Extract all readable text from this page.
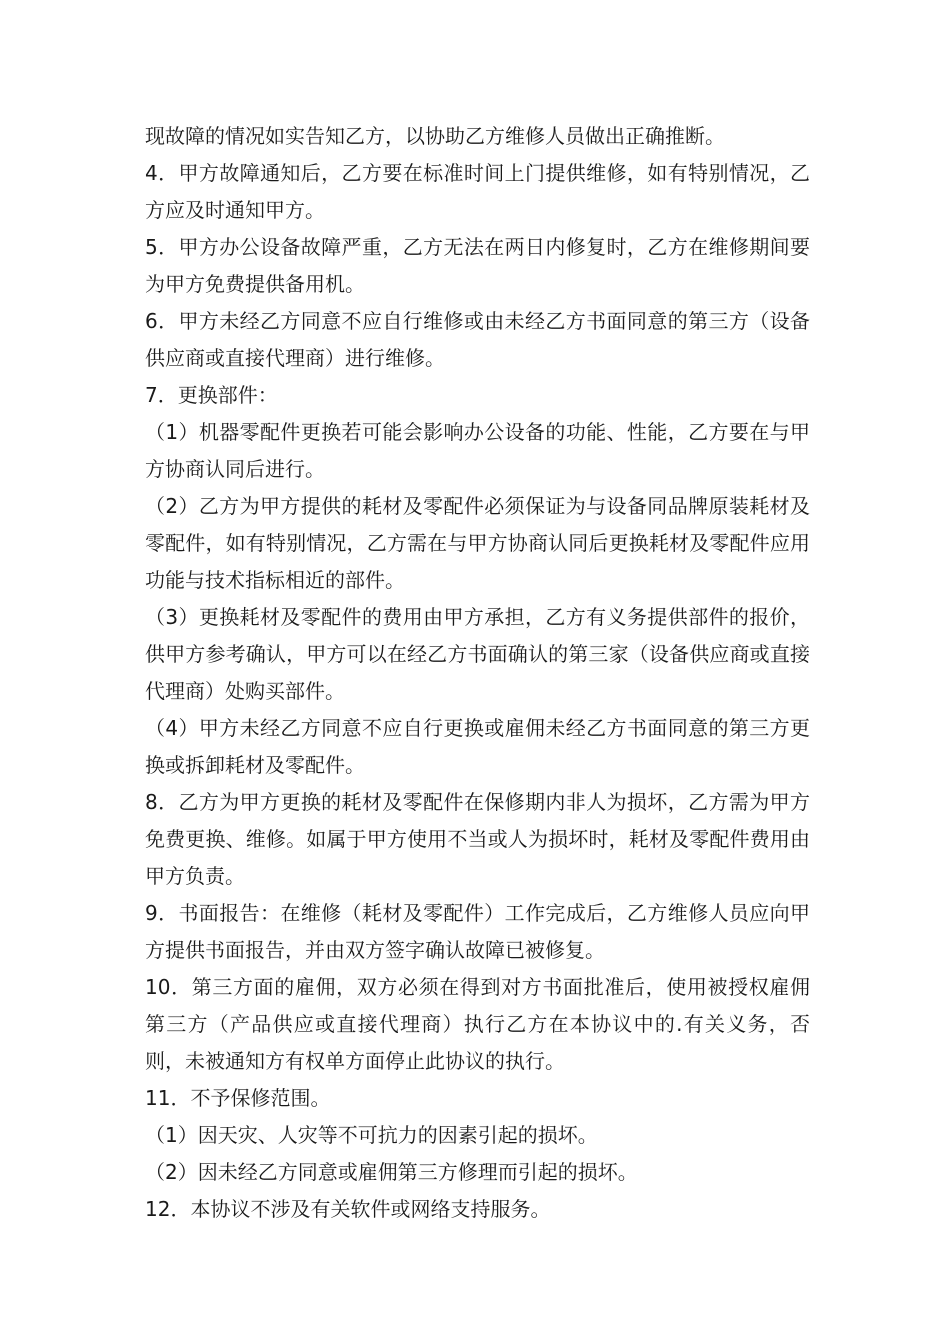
现故障的情况如实告知乙方，以协助乙方维修人员做出正确推断。

4．甲方故障通知后，乙方要在标准时间上门提供维修，如有特别情况，乙方应及时通知甲方。

5．甲方办公设备故障严重，乙方无法在两日内修复时，乙方在维修期间要为甲方免费提供备用机。

6．甲方未经乙方同意不应自行维修或由未经乙方书面同意的第三方（设备供应商或直接代理商）进行维修。

7．更换部件：

（1）机器零配件更换若可能会影响办公设备的功能、性能，乙方要在与甲方协商认同后进行。

（2）乙方为甲方提供的耗材及零配件必须保证为与设备同品牌原装耗材及零配件，如有特别情况，乙方需在与甲方协商认同后更换耗材及零配件应用功能与技术指标相近的部件。

（3）更换耗材及零配件的费用由甲方承担，乙方有义务提供部件的报价，供甲方参考确认，甲方可以在经乙方书面确认的第三家（设备供应商或直接代理商）处购买部件。

（4）甲方未经乙方同意不应自行更换或雇佣未经乙方书面同意的第三方更换或拆卸耗材及零配件。

8．乙方为甲方更换的耗材及零配件在保修期内非人为损坏，乙方需为甲方免费更换、维修。如属于甲方使用不当或人为损坏时，耗材及零配件费用由甲方负责。

9．书面报告：在维修（耗材及零配件）工作完成后，乙方维修人员应向甲方提供书面报告，并由双方签字确认故障已被修复。

10．第三方面的雇佣，双方必须在得到对方书面批准后，使用被授权雇佣第三方（产品供应或直接代理商）执行乙方在本协议中的.有关义务，否则，未被通知方有权单方面停止此协议的执行。

11．不予保修范围。

（1）因天灾、人灾等不可抗力的因素引起的损坏。

（2）因未经乙方同意或雇佣第三方修理而引起的损坏。

12．本协议不涉及有关软件或网络支持服务。
